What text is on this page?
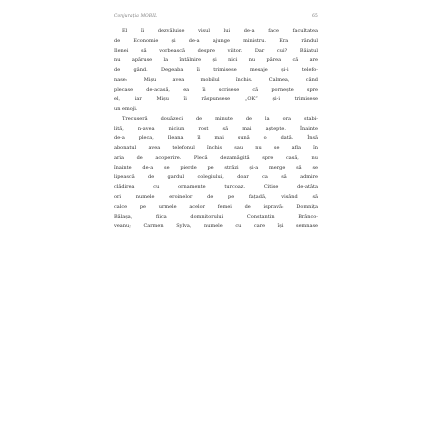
Conjurația MOBIL	65
El îi dezvăluise visul lui de-a face facultatea
de Economie și de-a ajunge ministru. Era rândul
Ilenei să vorbească despre viitor. Dar cui? Băiatul
nu apăruse la întâlnire și nici nu părea că are
de gând. Degeaba îi trimisese mesaje și-i telefo-
nase: Mișu avea mobilul închis. Calmea, când
plecase de-acasă, ea îi scrisese că pornește spre
el, iar Mișu îi răspunsese „OK” și-i trimisese
un emoji.
Trecuseră douăzeci de minute de la ora stabi-
lită, n-avea niciun rost să mai aștepte. Înainte
de-a pleca, Ileana îl mai sună o dată. Însă
abonatul avea telefonul închis sau nu se afla în
aria de acoperire. Plecă dezamăgită spre casă, nu
înainte de-a se pierde pe străzi și-a merge să se
lipească de gardul colegiului, doar ca să admire
clădirea cu ornamente turcoaz. Citise de-atâta
ori numele eroinelor de pe fațadă, visând să
calce pe urmele acelor femei de ispravă: Domnița
Bălașa, fiica domnitorului Constantin Brânco-
veanu; Carmen Sylva, numele cu care își semnase
